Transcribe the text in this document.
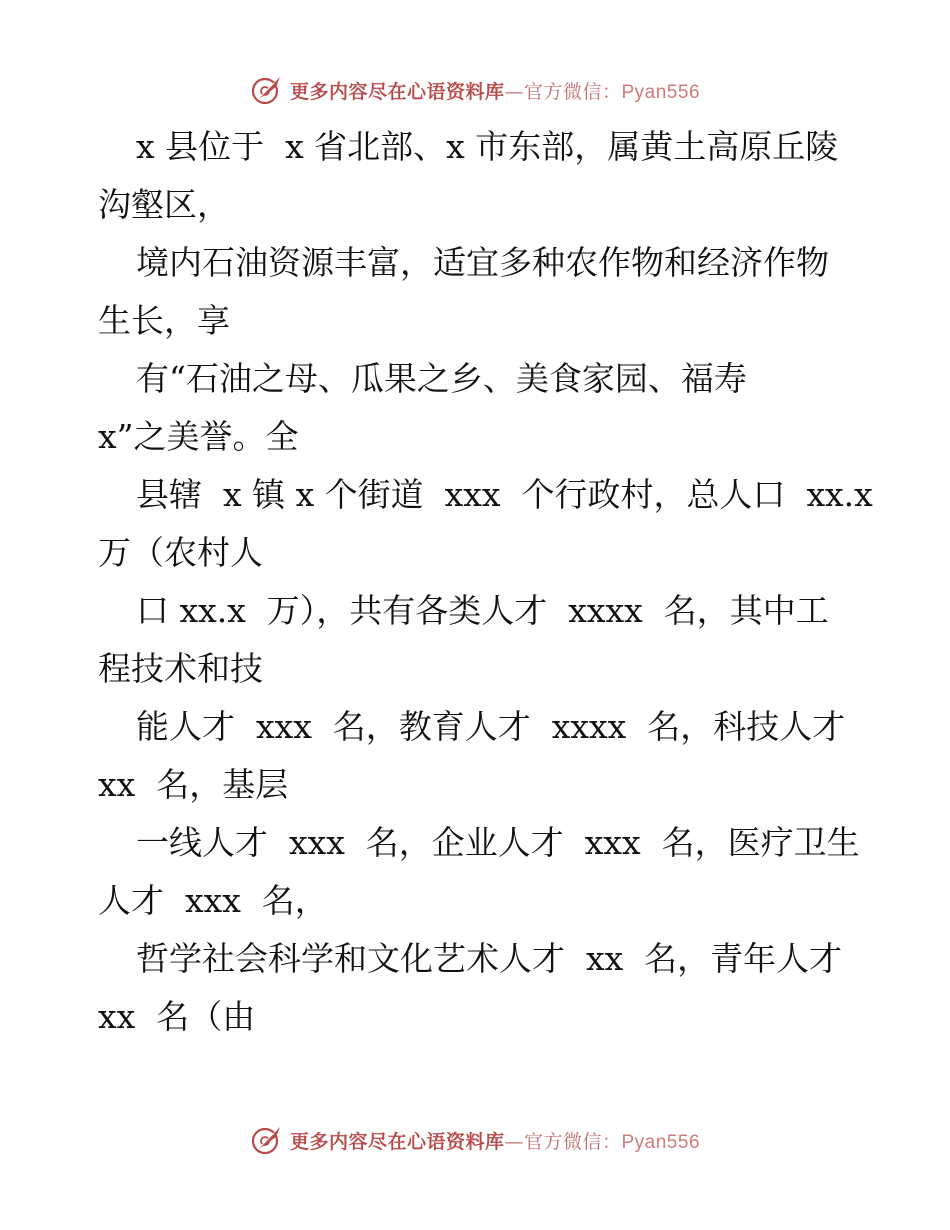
更多内容尽在心语资料库—官方微信：Pyan556
x 县位于  x 省北部、x 市东部，属黄土高原丘陵
沟壑区，
境内石油资源丰富，适宜多种农作物和经济作物
生长，享
有“石油之母、瓜果之乡、美食家园、福寿
x”之美誉。全
县辖  x 镇 x 个街道  xxx  个行政村，总人口  xx.x
万（农村人
口 xx.x  万），共有各类人才  xxxx  名，其中工
程技术和技
能人才  xxx  名，教育人才  xxxx  名，科技人才
xx  名，基层
一线人才  xxx  名，企业人才  xxx  名，医疗卫生
人才  xxx  名，
哲学社会科学和文化艺术人才  xx  名，青年人才
xx  名（由
更多内容尽在心语资料库—官方微信：Pyan556
